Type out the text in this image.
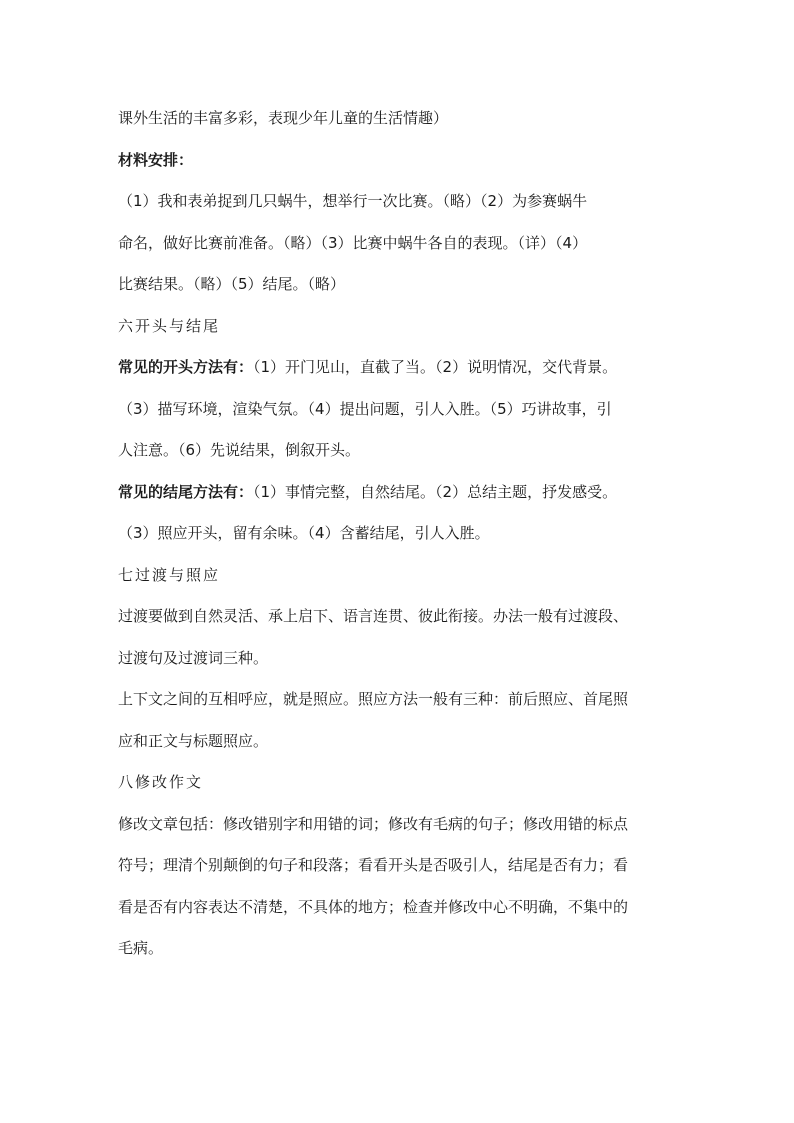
课外生活的丰富多彩，表现少年儿童的生活情趣）
材料安排：
（1）我和表弟捉到几只蜗牛，想举行一次比赛。（略）（2）为参赛蜗牛
命名，做好比赛前准备。（略）（3）比赛中蜗牛各自的表现。（详）（4）
比赛结果。（略）（5）结尾。（略）
六开头与结尾
常见的开头方法有：（1）开门见山，直截了当。（2）说明情况，交代背景。
（3）描写环境，渲染气氛。（4）提出问题，引人入胜。（5）巧讲故事，引
人注意。（6）先说结果，倒叙开头。
常见的结尾方法有：（1）事情完整，自然结尾。（2）总结主题，抒发感受。
（3）照应开头，留有余味。（4）含蓄结尾，引人入胜。
七过渡与照应
过渡要做到自然灵活、承上启下、语言连贯、彼此衔接。办法一般有过渡段、
过渡句及过渡词三种。
上下文之间的互相呼应，就是照应。照应方法一般有三种：前后照应、首尾照
应和正文与标题照应。
八修改作文
修改文章包括：修改错别字和用错的词；修改有毛病的句子；修改用错的标点
符号；理清个别颠倒的句子和段落；看看开头是否吸引人，结尾是否有力；看
看是否有内容表达不清楚，不具体的地方；检查并修改中心不明确，不集中的
毛病。
